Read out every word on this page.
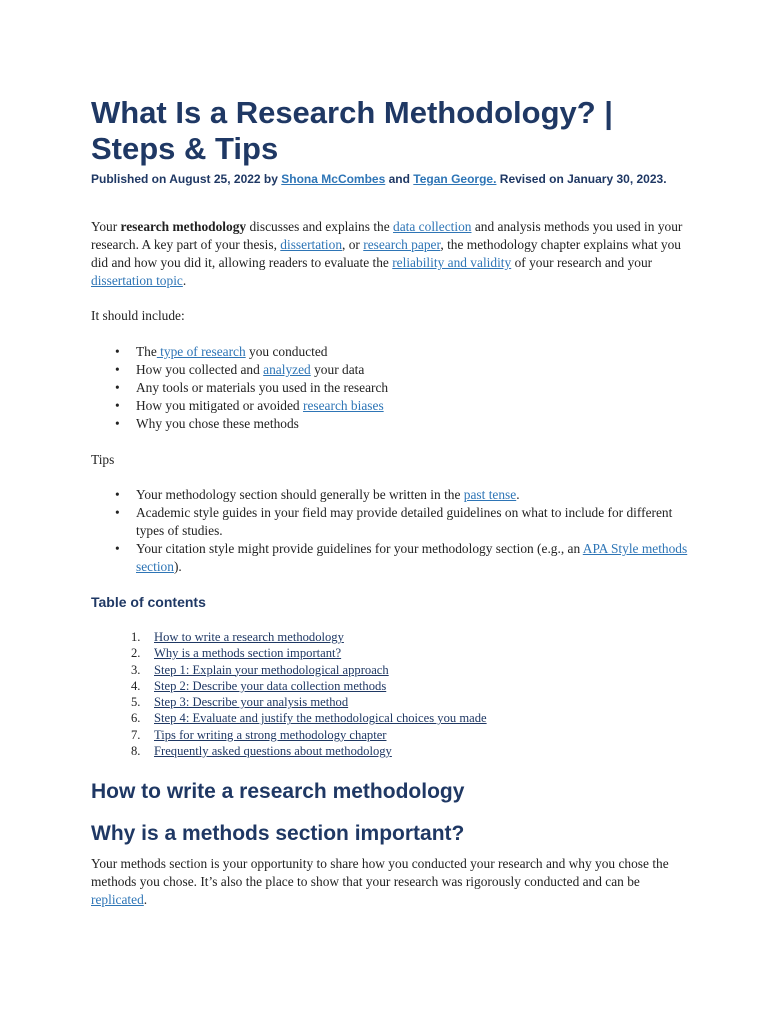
What Is a Research Methodology? | Steps & Tips
Published on August 25, 2022 by Shona McCombes and Tegan George. Revised on January 30, 2023.

Your research methodology discusses and explains the data collection and analysis methods you used in your research. A key part of your thesis, dissertation, or research paper, the methodology chapter explains what you did and how you did it, allowing readers to evaluate the reliability and validity of your research and your dissertation topic.

It should include:

• The type of research you conducted
• How you collected and analyzed your data
• Any tools or materials you used in the research
• How you mitigated or avoided research biases
• Why you chose these methods

Tips

• Your methodology section should generally be written in the past tense.
• Academic style guides in your field may provide detailed guidelines on what to include for different types of studies.
• Your citation style might provide guidelines for your methodology section (e.g., an APA Style methods section).
Table of contents
1. How to write a research methodology
2. Why is a methods section important?
3. Step 1: Explain your methodological approach
4. Step 2: Describe your data collection methods
5. Step 3: Describe your analysis method
6. Step 4: Evaluate and justify the methodological choices you made
7. Tips for writing a strong methodology chapter
8. Frequently asked questions about methodology
How to write a research methodology
Why is a methods section important?

Your methods section is your opportunity to share how you conducted your research and why you chose the methods you chose. It’s also the place to show that your research was rigorously conducted and can be replicated.
